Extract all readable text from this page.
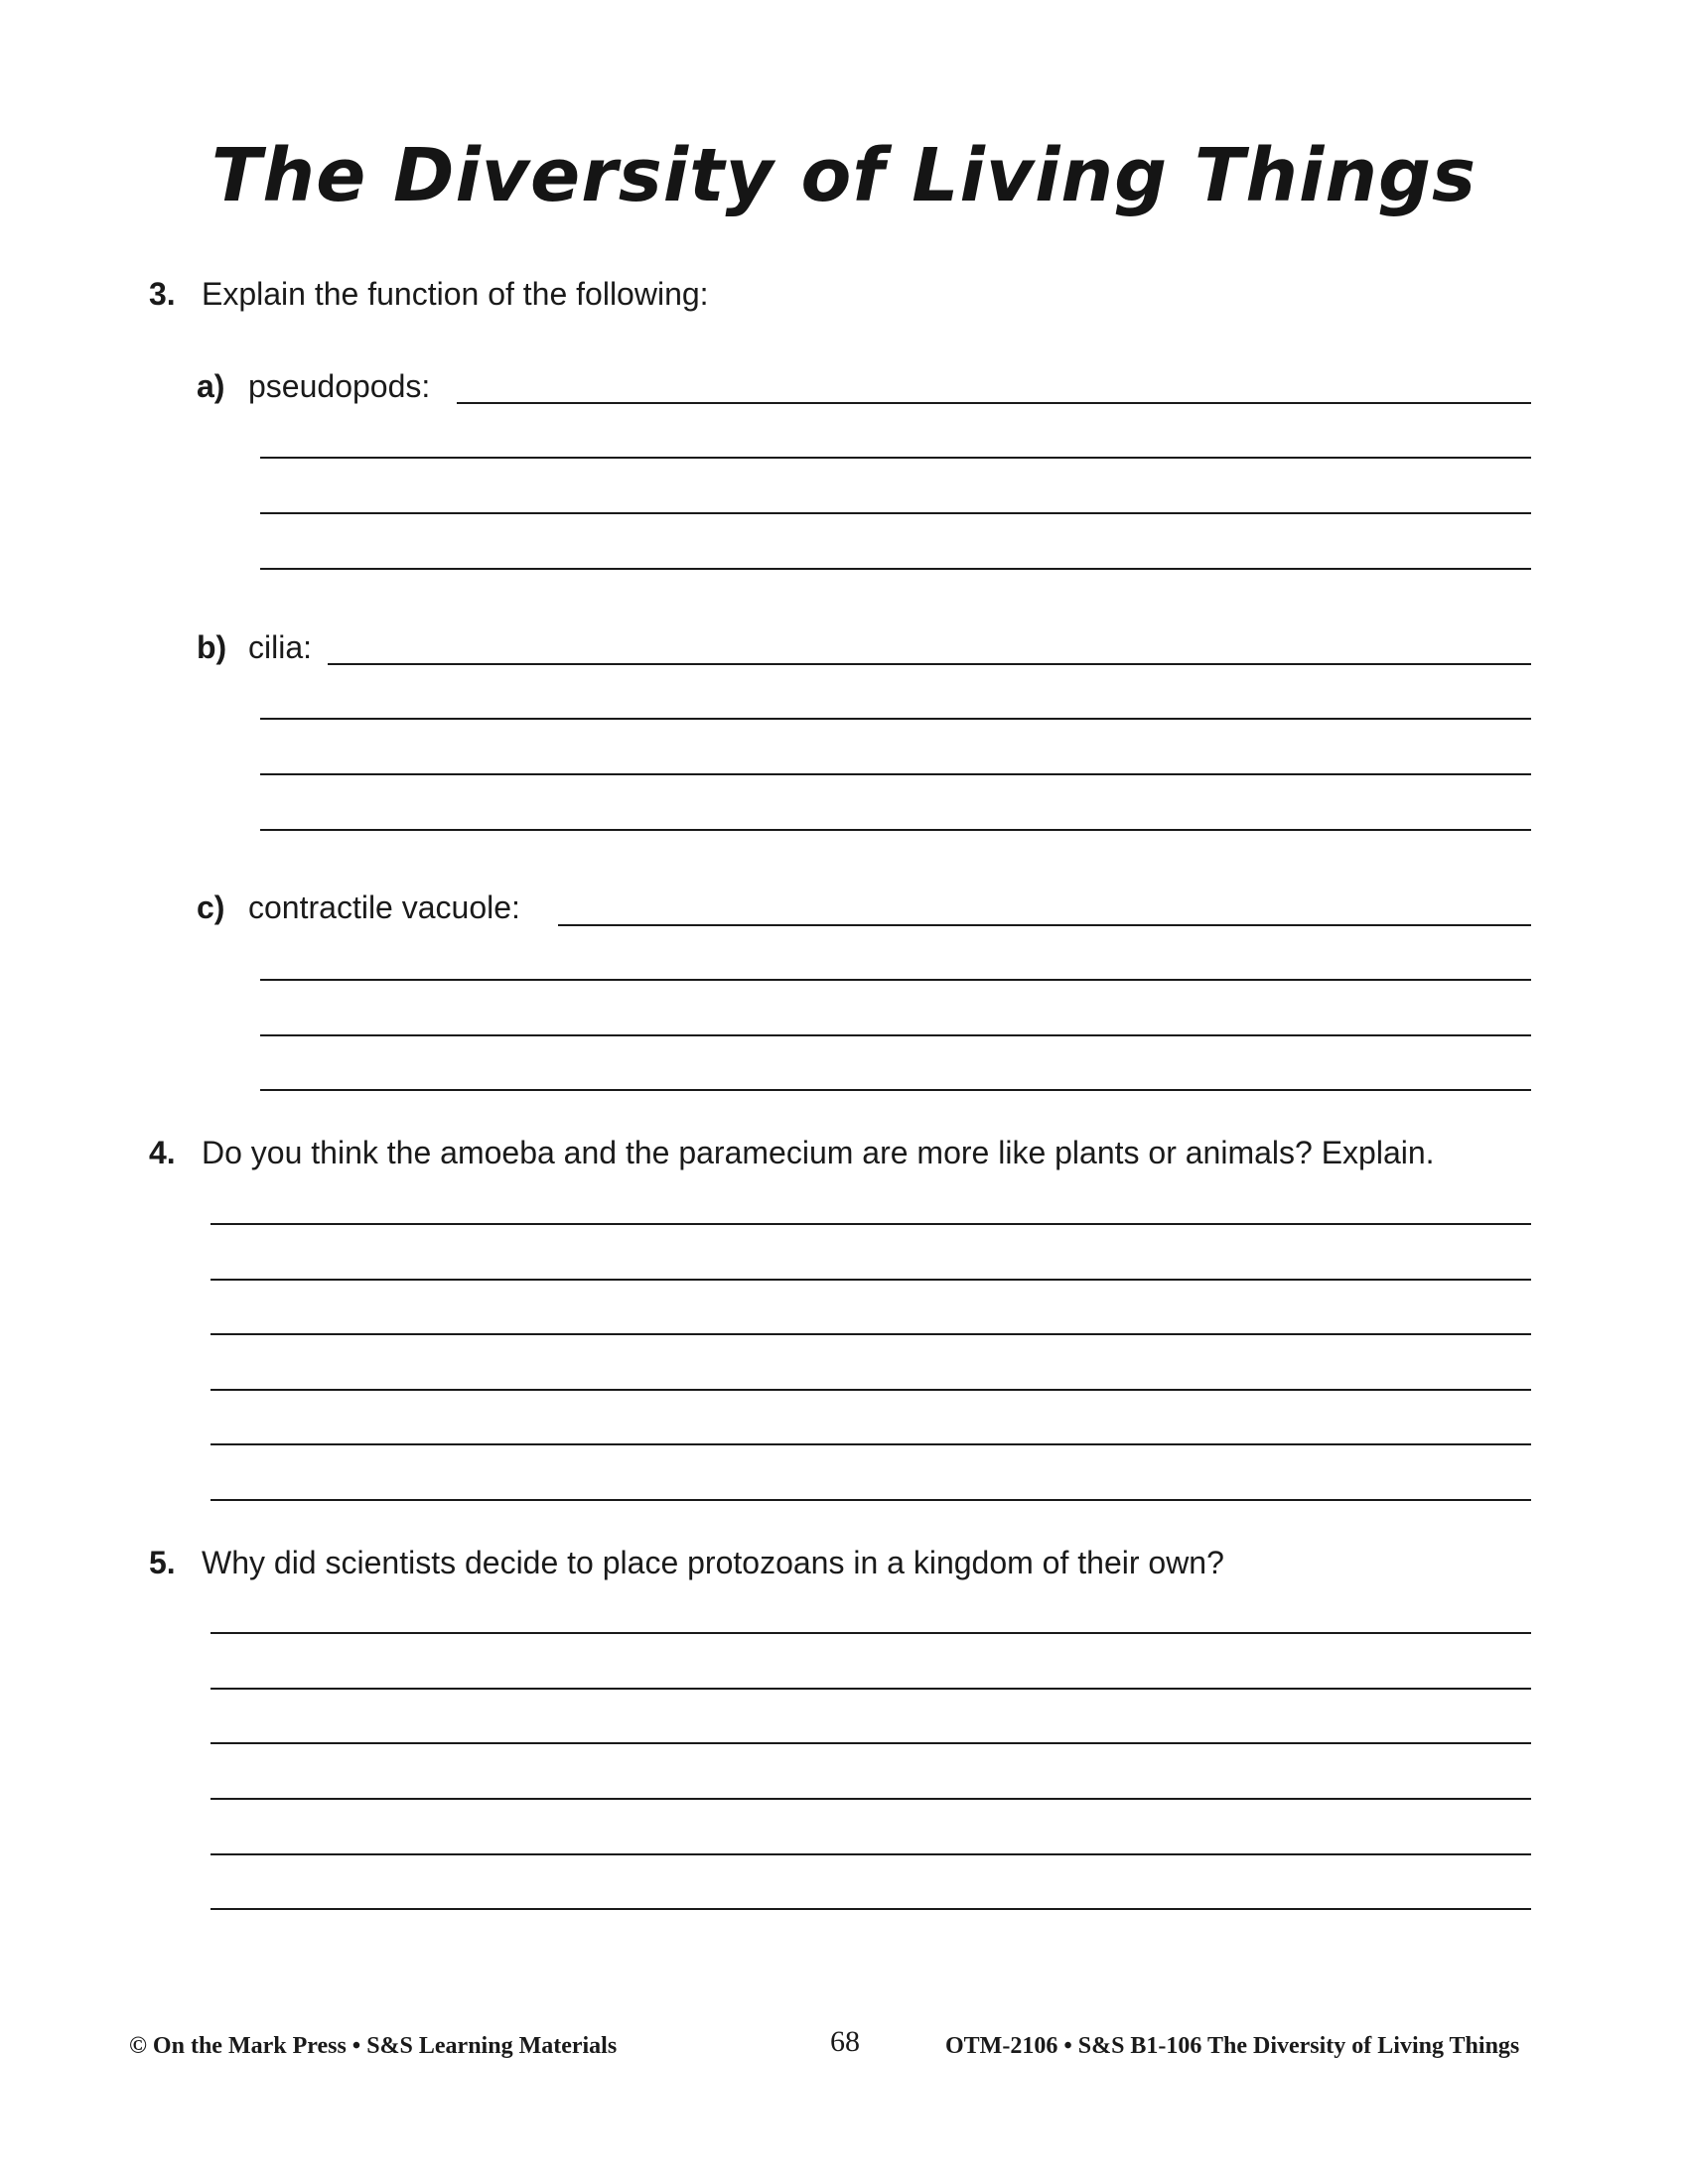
The Diversity of Living Things
3. Explain the function of the following:
a) pseudopods:
b) cilia:
c) contractile vacuole:
4. Do you think the amoeba and the paramecium are more like plants or animals? Explain.
5. Why did scientists decide to place protozoans in a kingdom of their own?
© On the Mark Press • S&S Learning Materials	68	OTM-2106 • S&S B1-106 The Diversity of Living Things
